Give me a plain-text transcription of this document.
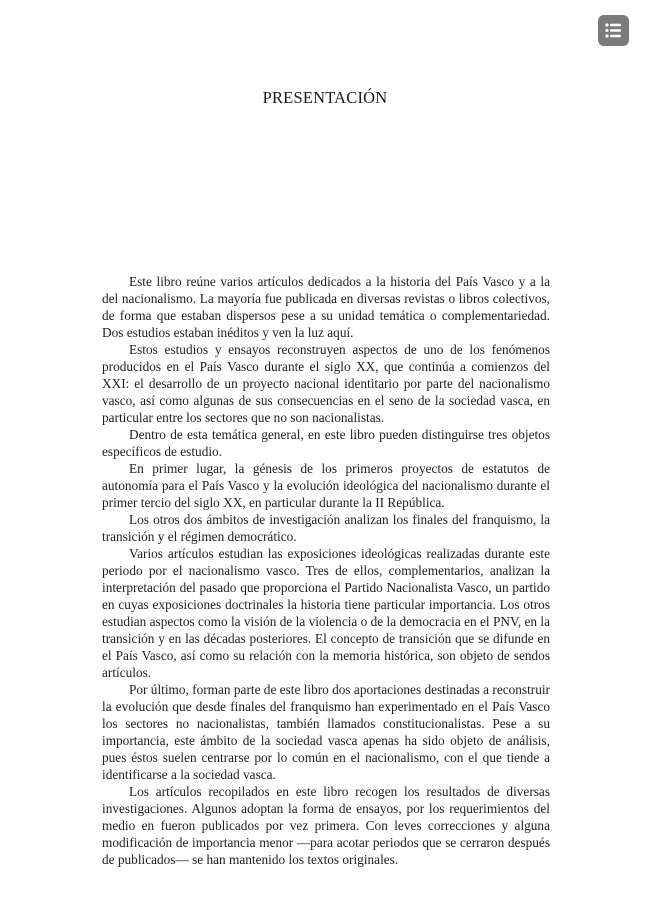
PRESENTACIÓN

Este libro reúne varios artículos dedicados a la historia del País Vasco y a la del nacionalismo. La mayoría fue publicada en diversas revistas o libros colectivos, de forma que estaban dispersos pese a su unidad temática o complementariedad. Dos estudios estaban inéditos y ven la luz aquí.

Estos estudios y ensayos reconstruyen aspectos de uno de los fenómenos producidos en el País Vasco durante el siglo XX, que continúa a comienzos del XXI: el desarrollo de un proyecto nacional identitario por parte del nacionalismo vasco, así como algunas de sus consecuencias en el seno de la sociedad vasca, en particular entre los sectores que no son nacionalistas.

Dentro de esta temática general, en este libro pueden distinguirse tres objetos específicos de estudio.

En primer lugar, la génesis de los primeros proyectos de estatutos de autonomía para el País Vasco y la evolución ideológica del nacionalismo durante el primer tercio del siglo XX, en particular durante la II República.

Los otros dos ámbitos de investigación analizan los finales del franquismo, la transición y el régimen democrático.

Varios artículos estudian las exposiciones ideológicas realizadas durante este periodo por el nacionalismo vasco. Tres de ellos, complementarios, analizan la interpretación del pasado que proporciona el Partido Nacionalista Vasco, un partido en cuyas exposiciones doctrinales la historia tiene particular importancia. Los otros estudian aspectos como la visión de la violencia o de la democracia en el PNV, en la transición y en las décadas posteriores. El concepto de transición que se difunde en el País Vasco, así como su relación con la memoria histórica, son objeto de sendos artículos.

Por último, forman parte de este libro dos aportaciones destinadas a reconstruir la evolución que desde finales del franquismo han experimentado en el País Vasco los sectores no nacionalistas, también llamados constitucionalistas. Pese a su importancia, este ámbito de la sociedad vasca apenas ha sido objeto de análisis, pues éstos suelen centrarse por lo común en el nacionalismo, con el que tiende a identificarse a la sociedad vasca.

Los artículos recopilados en este libro recogen los resultados de diversas investigaciones. Algunos adoptan la forma de ensayos, por los requerimientos del medio en fueron publicados por vez primera. Con leves correcciones y alguna modificación de importancia menor —para acotar periodos que se cerraron después de publicados— se han mantenido los textos originales.
